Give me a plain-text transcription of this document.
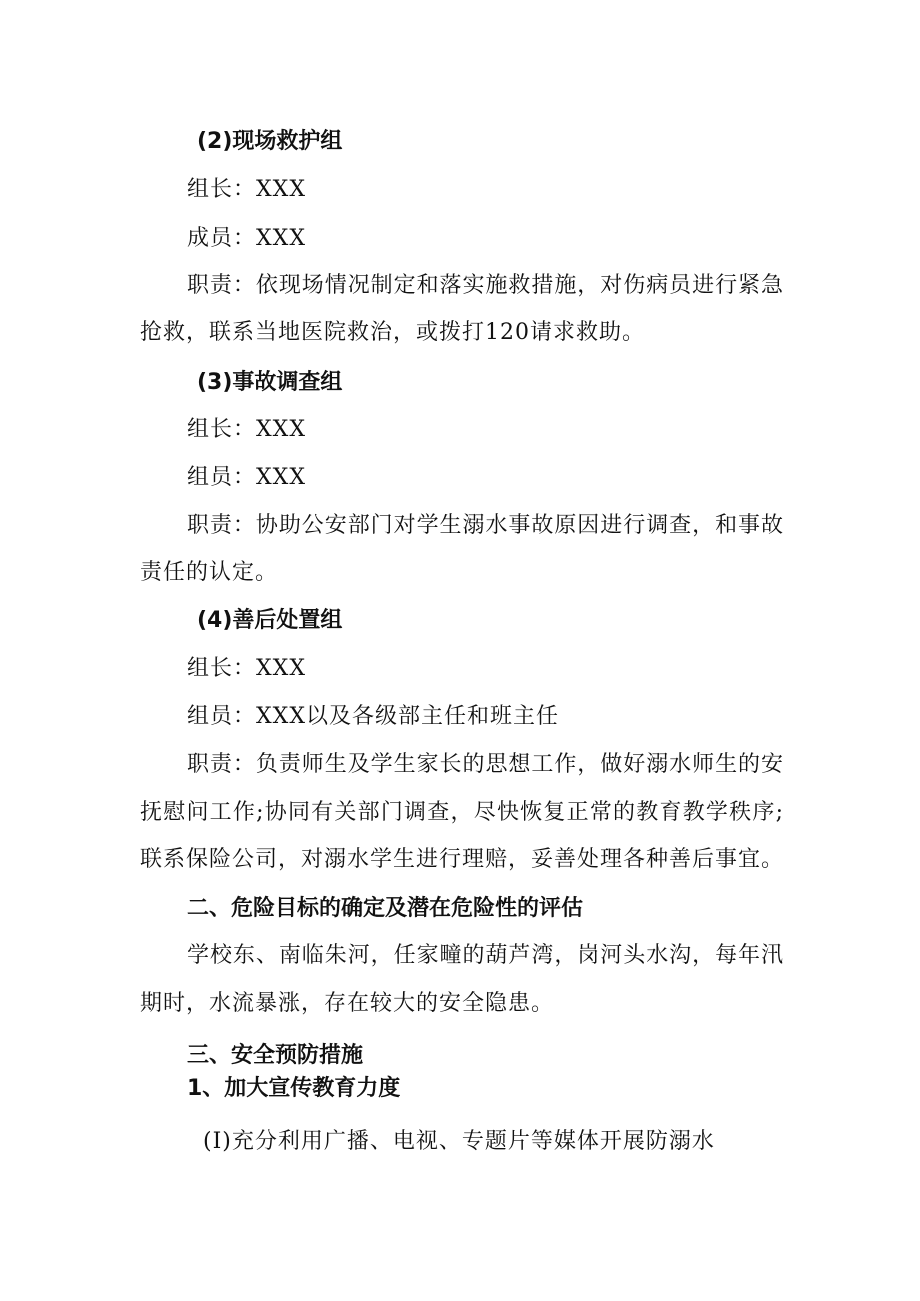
(2)现场救护组
组长：XXX
成员：XXX
职责：依现场情况制定和落实施救措施，对伤病员进行紧急
抢救，联系当地医院救治，或拨打120请求救助。
(3)事故调查组
组长：XXX
组员：XXX
职责：协助公安部门对学生溺水事故原因进行调查，和事故
责任的认定。
(4)善后处置组
组长：XXX
组员：XXX以及各级部主任和班主任
职责：负责师生及学生家长的思想工作，做好溺水师生的安
抚慰问工作;协同有关部门调查，尽快恢复正常的教育教学秩序;
联系保险公司，对溺水学生进行理赔，妥善处理各种善后事宜。
二、危险目标的确定及潜在危险性的评估
学校东、南临朱河，任家疃的葫芦湾，岗河头水沟，每年汛
期时，水流暴涨，存在较大的安全隐患。
三、安全预防措施
1、加大宣传教育力度
(I)充分利用广播、电视、专题片等媒体开展防溺水
